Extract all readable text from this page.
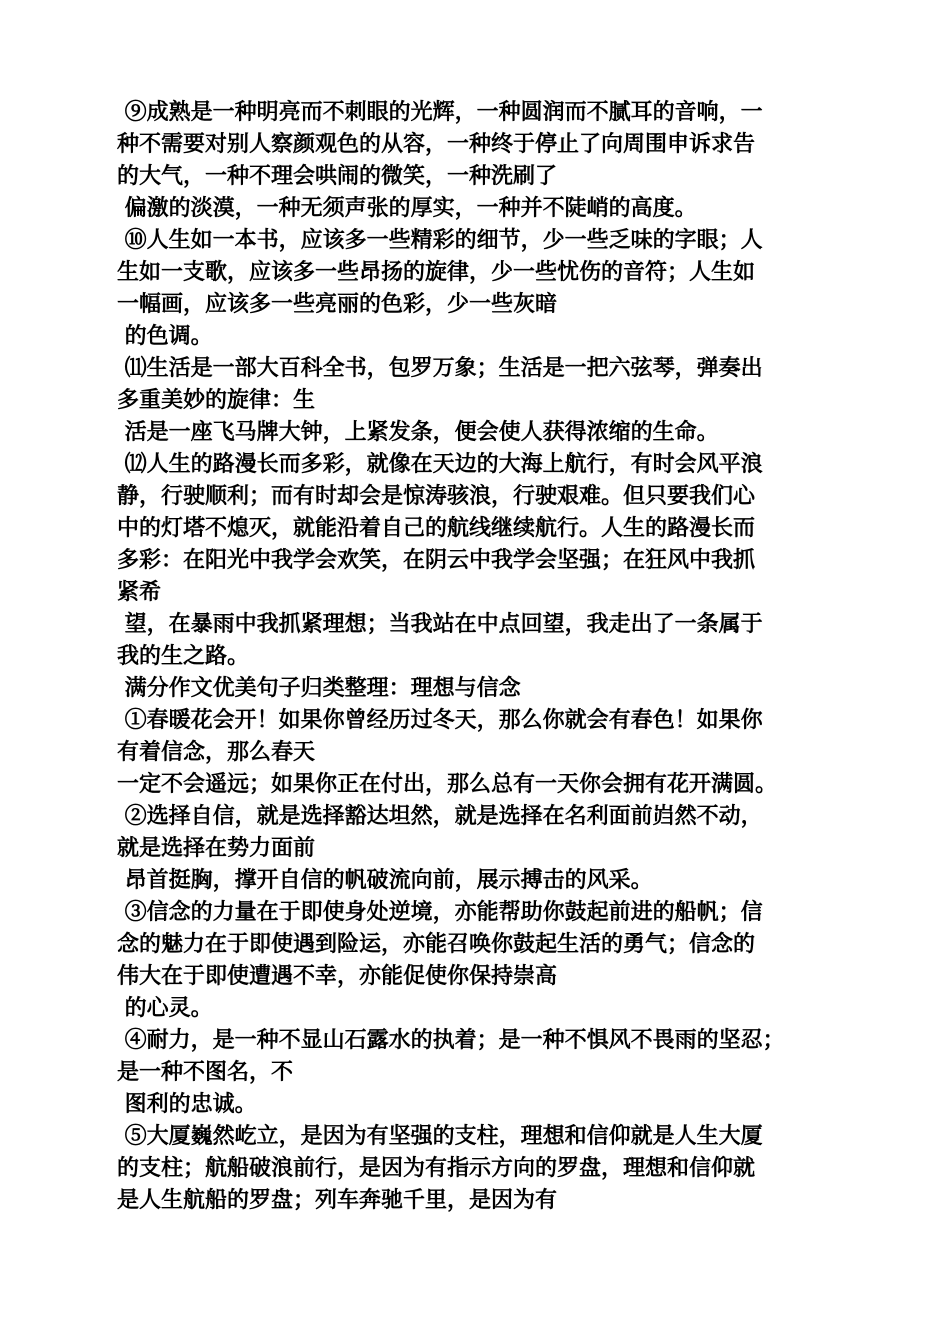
⑨成熟是一种明亮而不刺眼的光辉，一种圆润而不腻耳的音响，一
种不需要对别人察颜观色的从容，一种终于停止了向周围申诉求告
的大气，一种不理会哄闹的微笑，一种洗刷了
偏激的淡漠，一种无须声张的厚实，一种并不陡峭的高度。
⑩人生如一本书，应该多一些精彩的细节，少一些乏味的字眼；人
生如一支歌，应该多一些昂扬的旋律，少一些忧伤的音符；人生如
一幅画，应该多一些亮丽的色彩，少一些灰暗
的色调。
⑾生活是一部大百科全书，包罗万象；生活是一把六弦琴，弹奏出
多重美妙的旋律：生
活是一座飞马牌大钟，上紧发条，便会使人获得浓缩的生命。
⑿人生的路漫长而多彩，就像在天边的大海上航行，有时会风平浪
静，行驶顺利；而有时却会是惊涛骇浪，行驶艰难。但只要我们心
中的灯塔不熄灭，就能沿着自己的航线继续航行。人生的路漫长而
多彩：在阳光中我学会欢笑，在阴云中我学会坚强；在狂风中我抓
紧希
望，在暴雨中我抓紧理想；当我站在中点回望，我走出了一条属于
我的生之路。
满分作文优美句子归类整理：理想与信念
①春暖花会开！如果你曾经历过冬天，那么你就会有春色！如果你
有着信念，那么春天
一定不会遥远；如果你正在付出，那么总有一天你会拥有花开满圆。
②选择自信，就是选择豁达坦然，就是选择在名利面前岿然不动，
就是选择在势力面前
昂首挺胸，撑开自信的帆破流向前，展示搏击的风采。
③信念的力量在于即使身处逆境，亦能帮助你鼓起前进的船帆；信
念的魅力在于即使遇到险运，亦能召唤你鼓起生活的勇气；信念的
伟大在于即使遭遇不幸，亦能促使你保持崇高
的心灵。
④耐力，是一种不显山石露水的执着；是一种不惧风不畏雨的坚忍；
是一种不图名，不
图利的忠诚。
⑤大厦巍然屹立，是因为有坚强的支柱，理想和信仰就是人生大厦
的支柱；航船破浪前行，是因为有指示方向的罗盘，理想和信仰就
是人生航船的罗盘；列车奔驰千里，是因为有
